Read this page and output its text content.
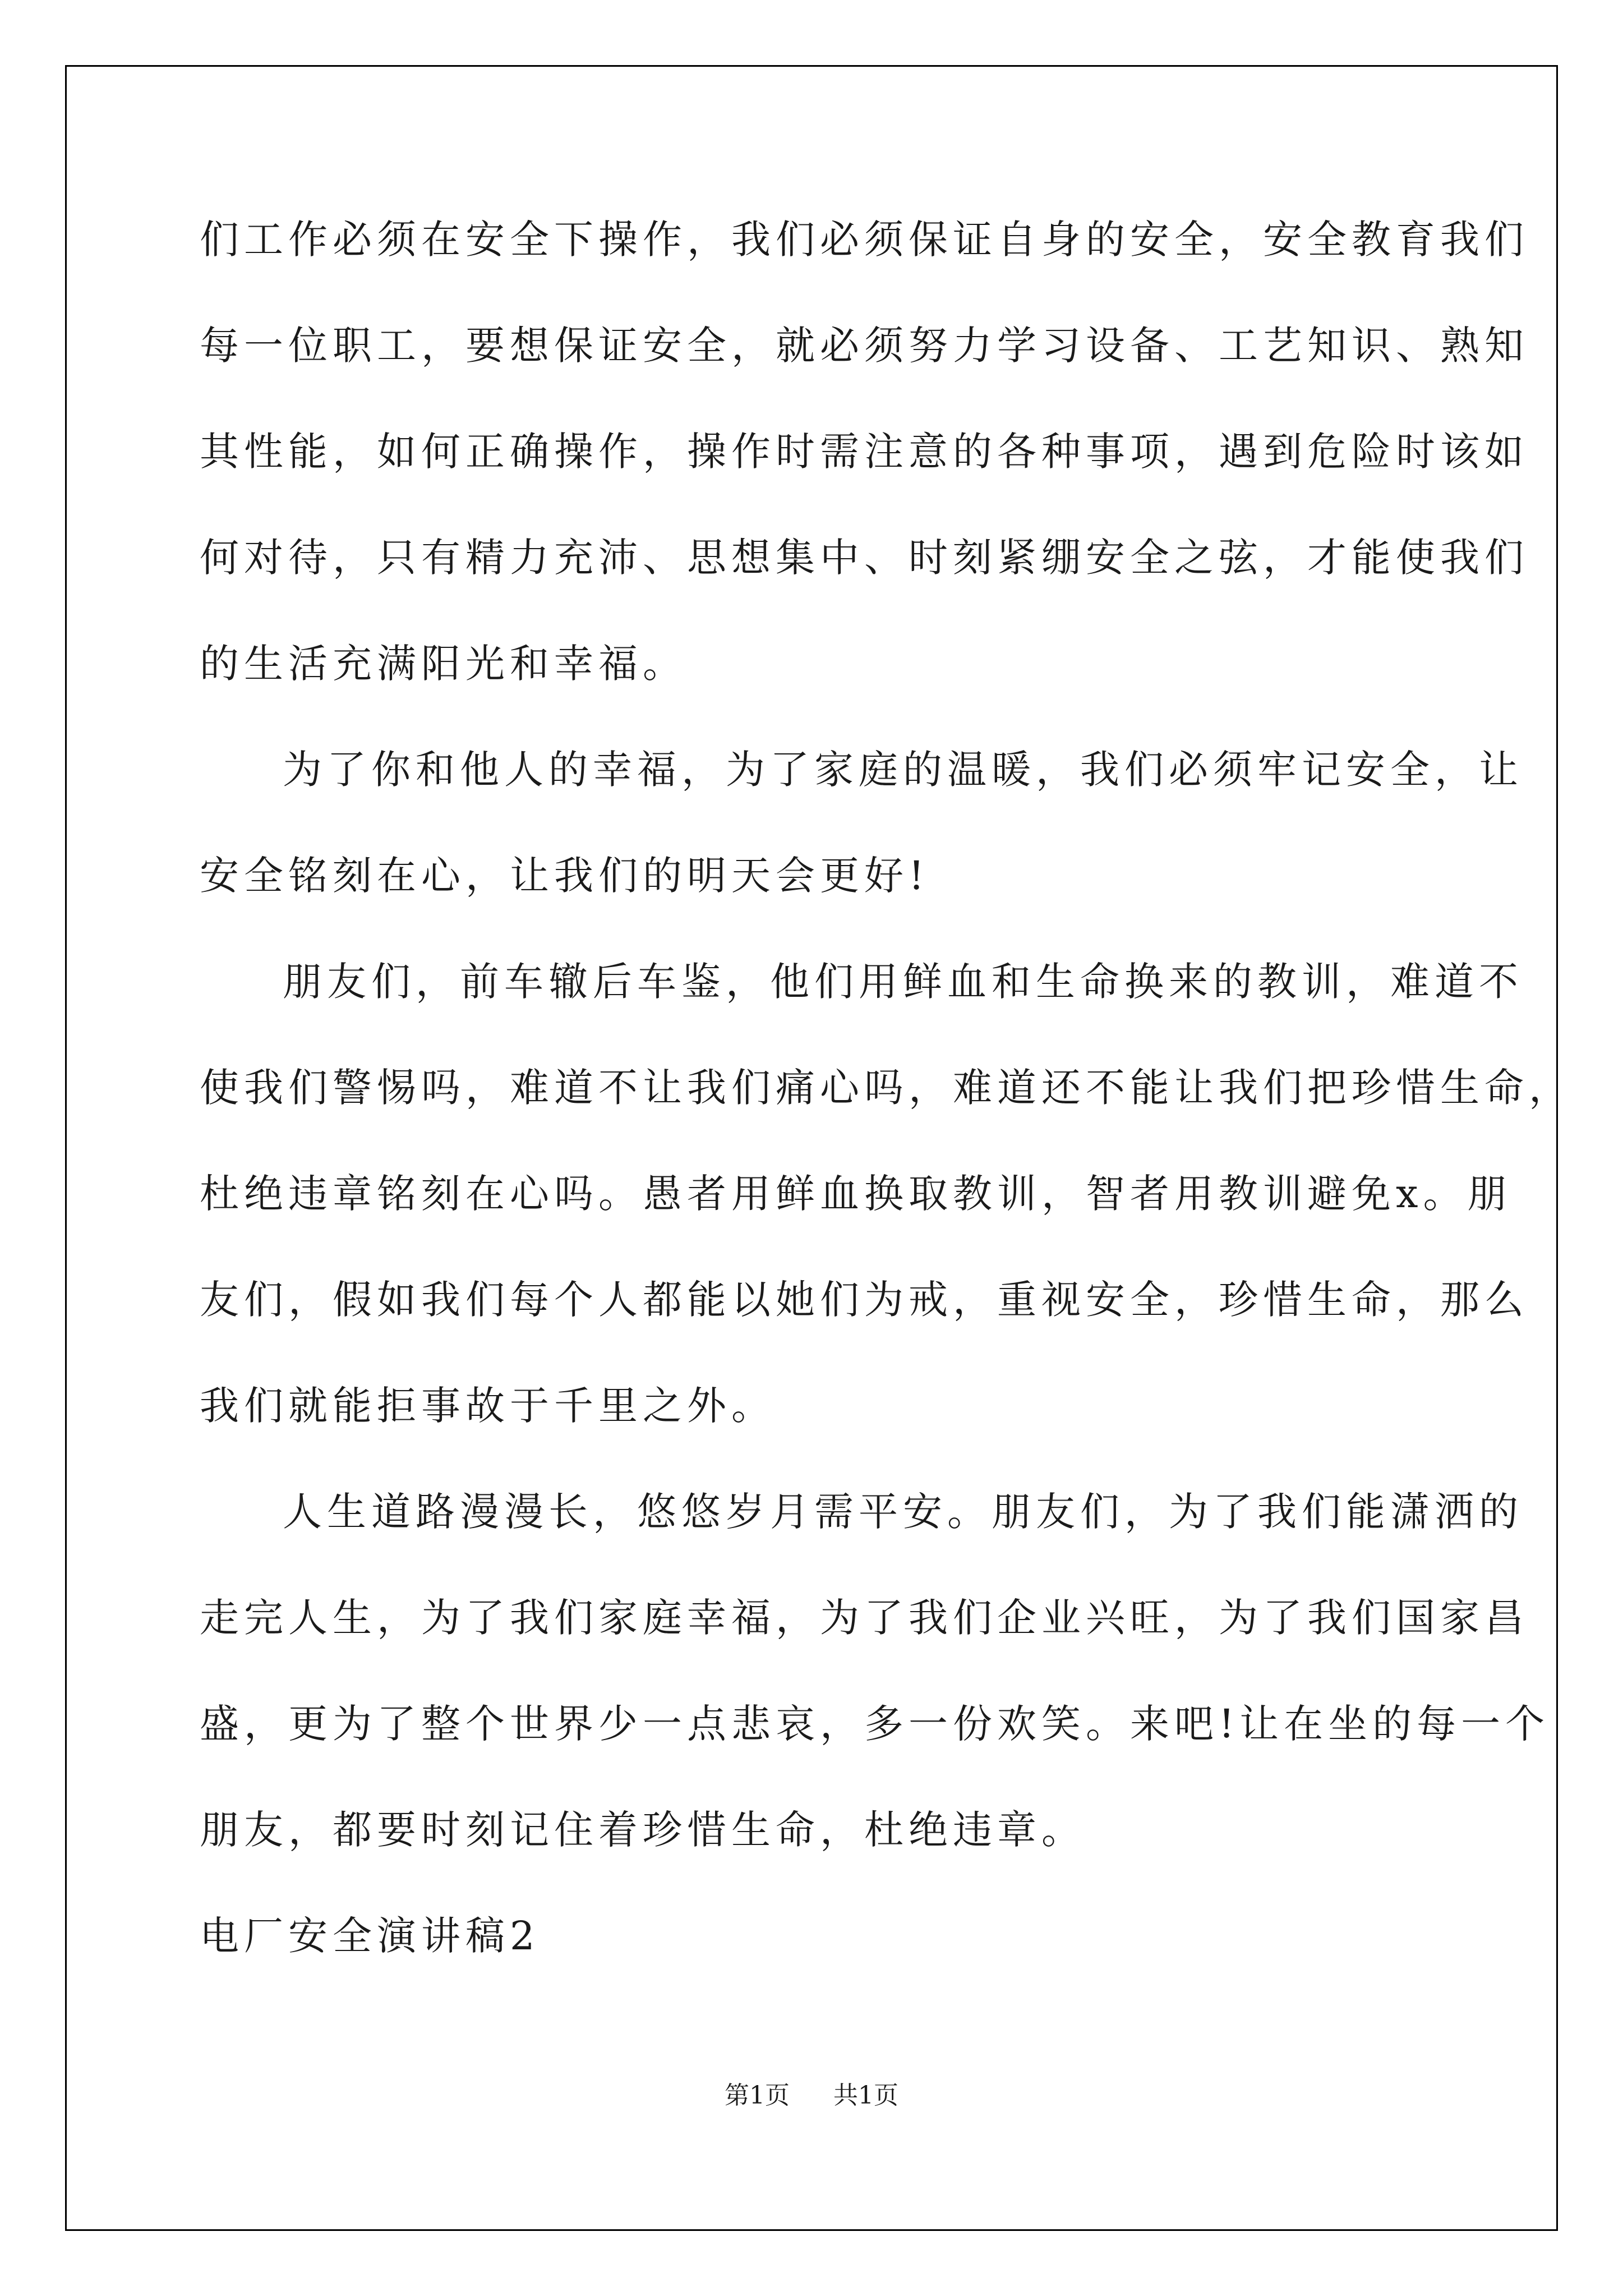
们工作必须在安全下操作，我们必须保证自身的安全，安全教育我们

每一位职工，要想保证安全，就必须努力学习设备、工艺知识、熟知

其性能，如何正确操作，操作时需注意的各种事项，遇到危险时该如

何对待，只有精力充沛、思想集中、时刻紧绷安全之弦，才能使我们

的生活充满阳光和幸福。

为了你和他人的幸福，为了家庭的温暖，我们必须牢记安全，让

安全铭刻在心，让我们的明天会更好!

朋友们，前车辙后车鉴，他们用鲜血和生命换来的教训，难道不

使我们警惕吗，难道不让我们痛心吗，难道还不能让我们把珍惜生命，

杜绝违章铭刻在心吗。愚者用鲜血换取教训，智者用教训避免x。朋

友们，假如我们每个人都能以她们为戒，重视安全，珍惜生命，那么

我们就能拒事故于千里之外。

人生道路漫漫长，悠悠岁月需平安。朋友们，为了我们能潇洒的

走完人生，为了我们家庭幸福，为了我们企业兴旺，为了我们国家昌

盛，更为了整个世界少一点悲哀，多一份欢笑。来吧!让在坐的每一个

朋友，都要时刻记住着珍惜生命，杜绝违章。

电厂安全演讲稿2

第1页 共1页
